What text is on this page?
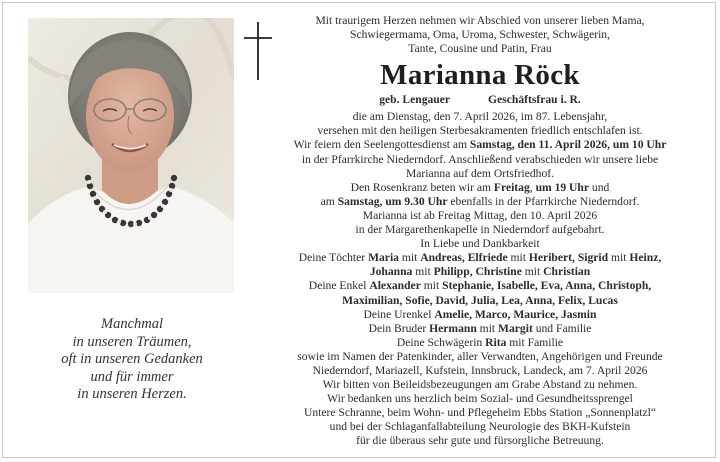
Manchmal
in unseren Träumen,
oft in unseren Gedanken
und für immer
in unseren Herzen.
Mit traurigem Herzen nehmen wir Abschied von unserer lieben Mama,
Schwiegermama, Oma, Uroma, Schwester, Schwägerin,
Tante, Cousine und Patin, Frau
Marianna Röck
geb. Lengauer	Geschäftsfrau i. R.
die am Dienstag, den 7. April 2026, im 87. Lebensjahr,
versehen mit den heiligen Sterbesakramenten friedlich entschlafen ist.
Wir feiern den Seelengottesdienst am Samstag, den 11. April 2026, um 10 Uhr
in der Pfarrkirche Niederndorf. Anschließend verabschieden wir unsere liebe
Marianna auf dem Ortsfriedhof.
Den Rosenkranz beten wir am Freitag, um 19 Uhr und
am Samstag, um 9.30 Uhr ebenfalls in der Pfarrkirche Niederndorf.
Marianna ist ab Freitag Mittag, den 10. April 2026
in der Margarethenkapelle in Niederndorf aufgebahrt.
In Liebe und Dankbarkeit
Deine Töchter Maria mit Andreas, Elfriede mit Heribert, Sigrid mit Heinz,
Johanna mit Philipp, Christine mit Christian
Deine Enkel Alexander mit Stephanie, Isabelle, Eva, Anna, Christoph,
Maximilian, Sofie, David, Julia, Lea, Anna, Felix, Lucas
Deine Urenkel Amelie, Marco, Maurice, Jasmin
Dein Bruder Hermann mit Margit und Familie
Deine Schwägerin Rita mit Familie
sowie im Namen der Patenkinder, aller Verwandten, Angehörigen und Freunde
Niederndorf, Mariazell, Kufstein, Innsbruck, Landeck, am 7. April 2026
Wir bitten von Beileidsbezeugungen am Grabe Abstand zu nehmen.
Wir bedanken uns herzlich beim Sozial- und Gesundheitssprengel
Untere Schranne, beim Wohn- und Pflegeheim Ebbs Station „Sonnenplatzl“
und bei der Schlaganfallabteilung Neurologie des BKH-Kufstein
für die überaus sehr gute und fürsorgliche Betreuung.
